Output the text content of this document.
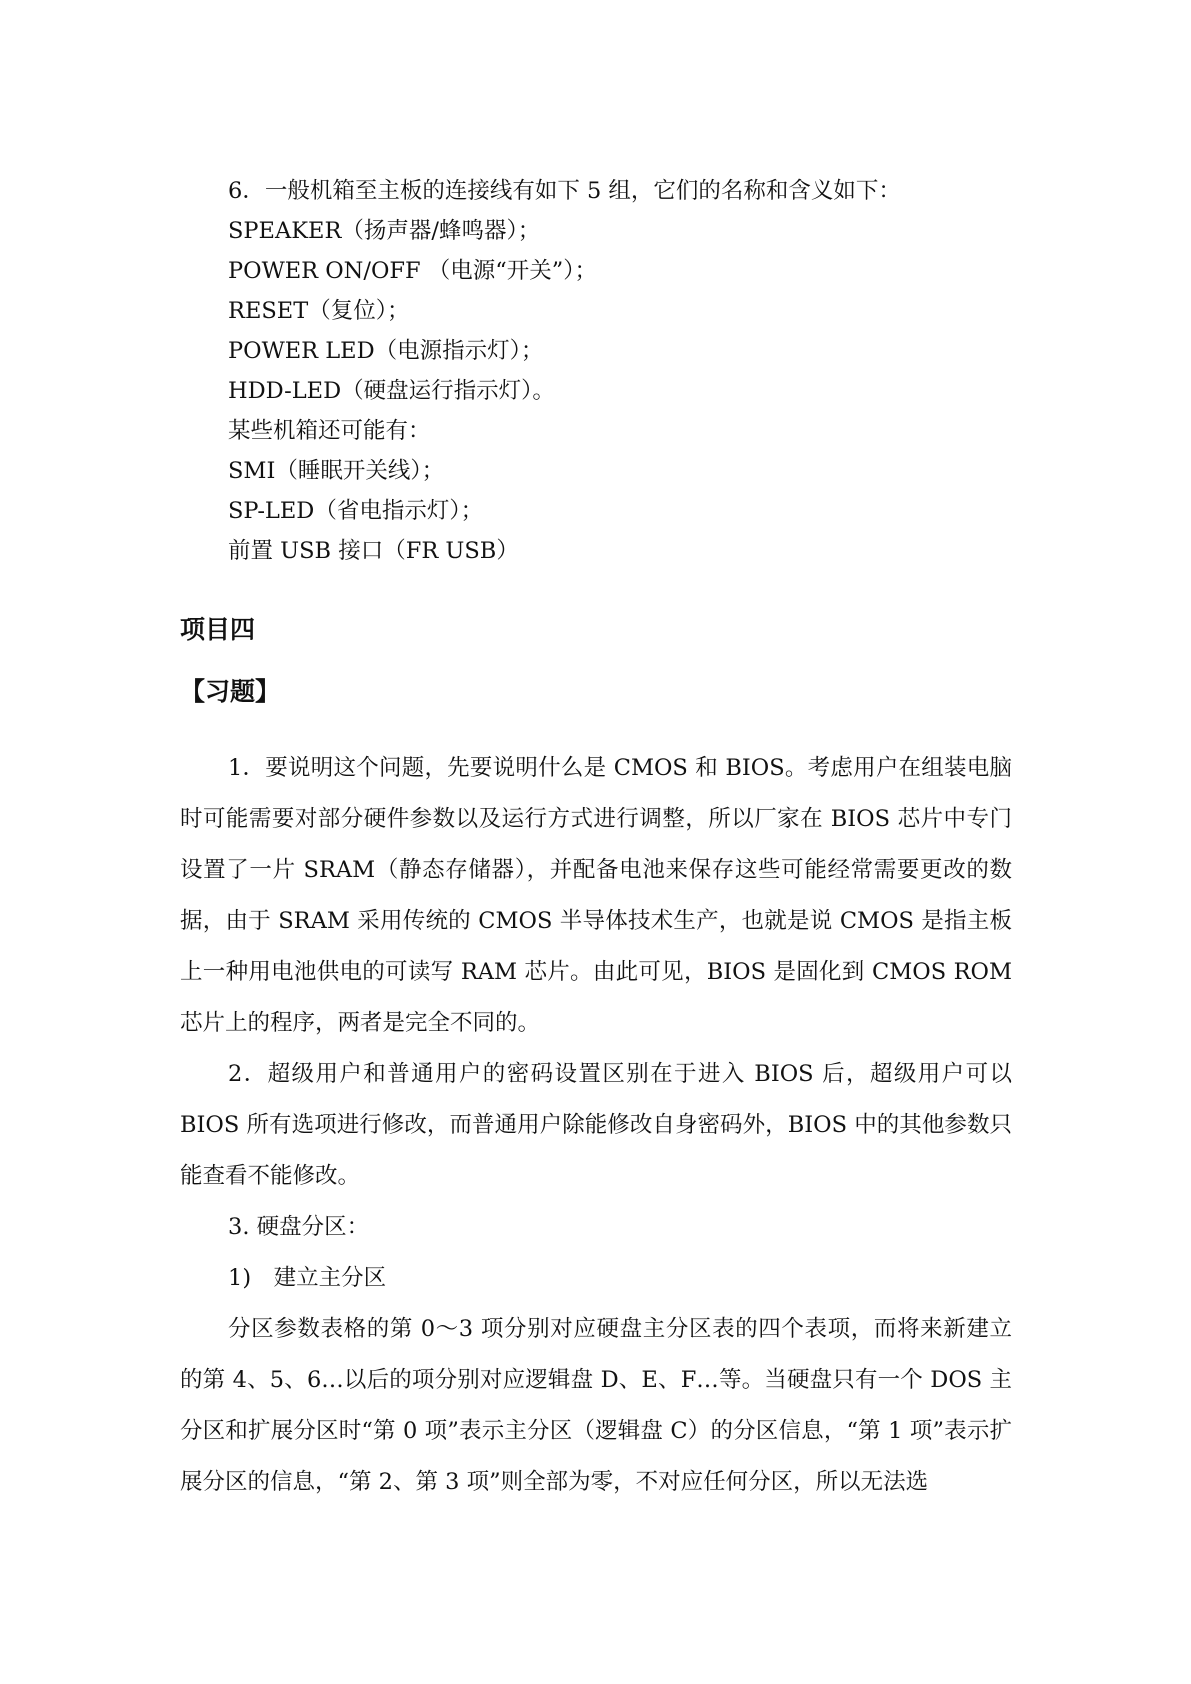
6．一般机箱至主板的连接线有如下 5 组，它们的名称和含义如下：
SPEAKER（扬声器/蜂鸣器）；
POWER ON/OFF （电源“开关”）；
RESET（复位）；
POWER LED（电源指示灯）；
HDD-LED（硬盘运行指示灯）。
某些机箱还可能有：
SMI（睡眠开关线）；
SP-LED（省电指示灯）；
前置 USB 接口（FR USB）
项目四
【习题】

1．要说明这个问题，先要说明什么是 CMOS 和 BIOS。考虑用户在组装电脑时可能需要对部分硬件参数以及运行方式进行调整，所以厂家在 BIOS 芯片中专门设置了一片 SRAM（静态存储器），并配备电池来保存这些可能经常需要更改的数据，由于 SRAM 采用传统的 CMOS 半导体技术生产，也就是说 CMOS 是指主板上一种用电池供电的可读写 RAM 芯片。由此可见，BIOS 是固化到 CMOS ROM 芯片上的程序，两者是完全不同的。

2．超级用户和普通用户的密码设置区别在于进入 BIOS 后，超级用户可以 BIOS 所有选项进行修改，而普通用户除能修改自身密码外，BIOS 中的其他参数只能查看不能修改。

3. 硬盘分区：
1)　建立主分区

分区参数表格的第 0～3 项分别对应硬盘主分区表的四个表项，而将来新建立的第 4、5、6…以后的项分别对应逻辑盘 D、E、F…等。当硬盘只有一个 DOS 主分区和扩展分区时“第 0 项”表示主分区（逻辑盘 C）的分区信息，“第 1 项”表示扩展分区的信息，“第 2、第 3 项”则全部为零，不对应任何分区，所以无法选
